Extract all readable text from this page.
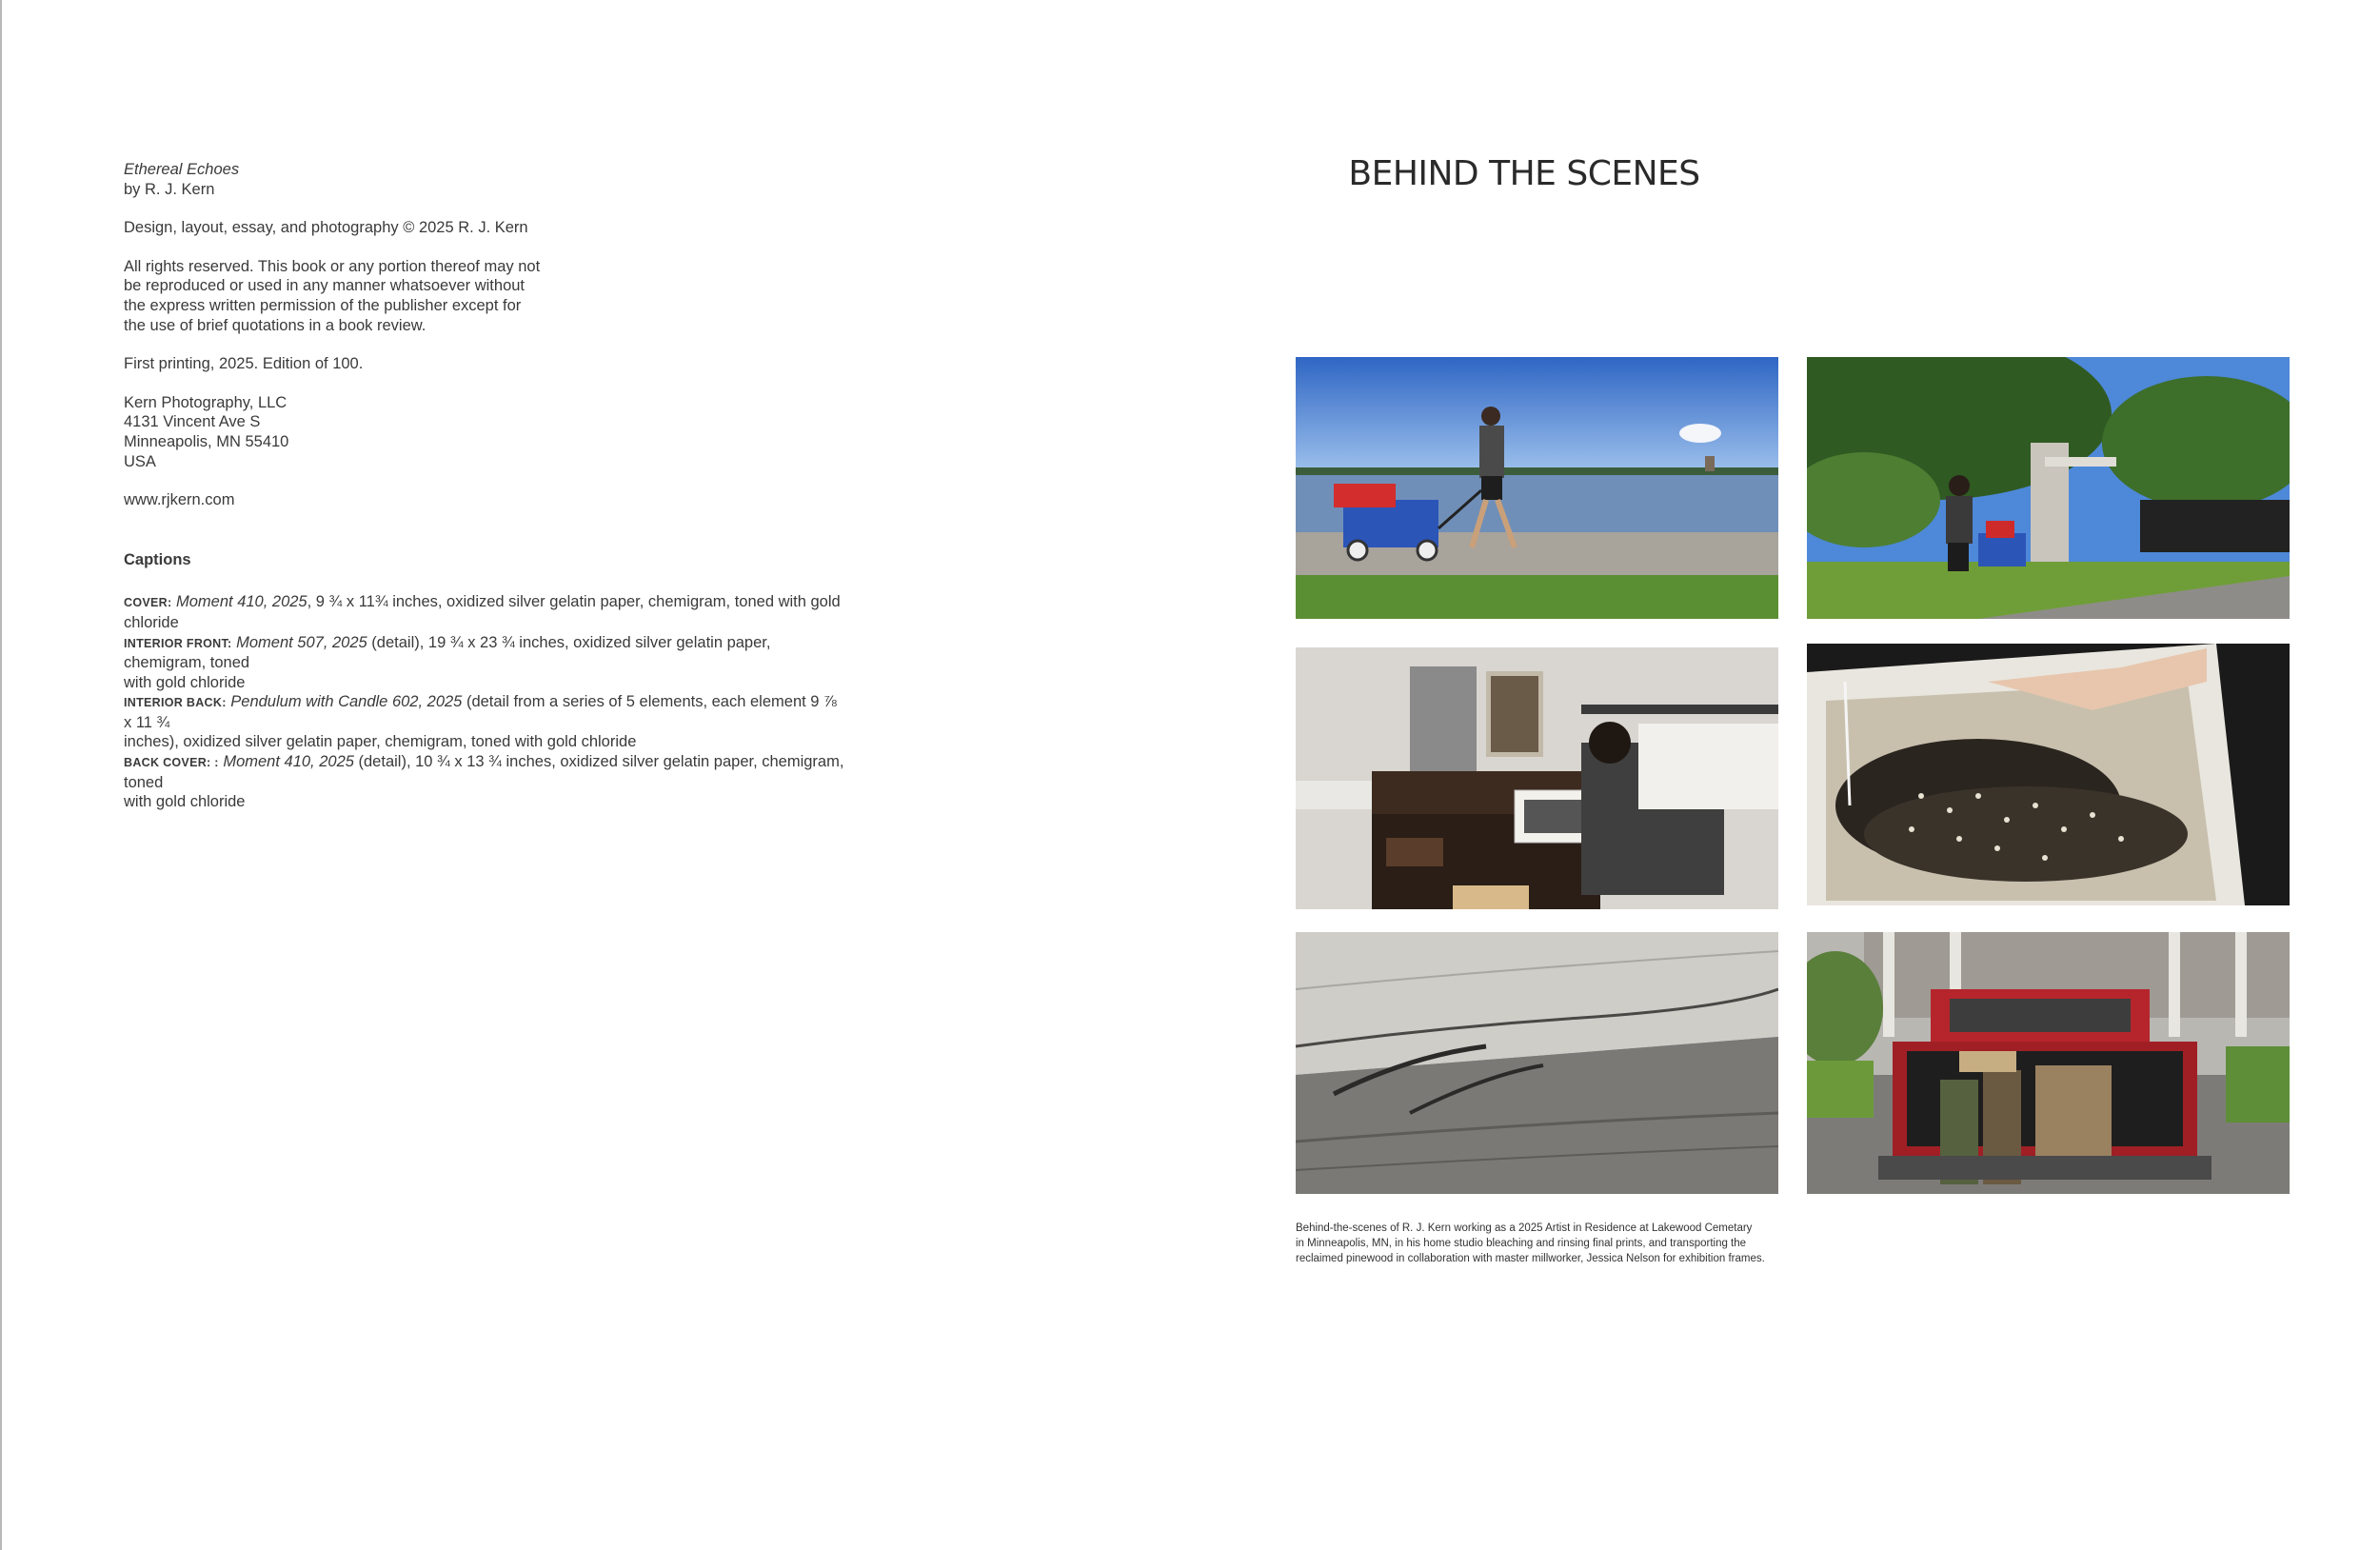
Ethereal Echoes

by R. J. Kern

Design, layout, essay, and photography © 2025 R. J. Kern

All rights reserved. This book or any portion thereof may not

be reproduced or used in any manner whatsoever without

the express written permission of the publisher except for

the use of brief quotations in a book review.

First printing, 2025. Edition of 100.

Kern Photography, LLC

4131 Vincent Ave S

Minneapolis, MN 55410

USA

www.rjkern.com

Captions

COVER: Moment 410, 2025, 9 ¾ x 11¾ inches, oxidized silver gelatin paper, chemigram, toned with gold chloride

INTERIOR FRONT: Moment 507, 2025 (detail), 19 ¾ x 23 ¾ inches, oxidized silver gelatin paper, chemigram, toned
with gold chloride

INTERIOR BACK: Pendulum with Candle 602, 2025 (detail from a series of 5 elements, each element 9 ⅞ x 11 ¾
inches), oxidized silver gelatin paper, chemigram, toned with gold chloride

BACK COVER: : Moment 410, 2025 (detail), 10 ¾ x 13 ¾ inches, oxidized silver gelatin paper, chemigram, toned
with gold chloride

BEHIND THE SCENES
Behind-the-scenes of R. J. Kern working as a 2025 Artist in Residence at Lakewood Cemetary
in Minneapolis, MN, in his home studio bleaching and rinsing final prints, and transporting the
reclaimed pinewood in collaboration with master millworker, Jessica Nelson for exhibition frames.
